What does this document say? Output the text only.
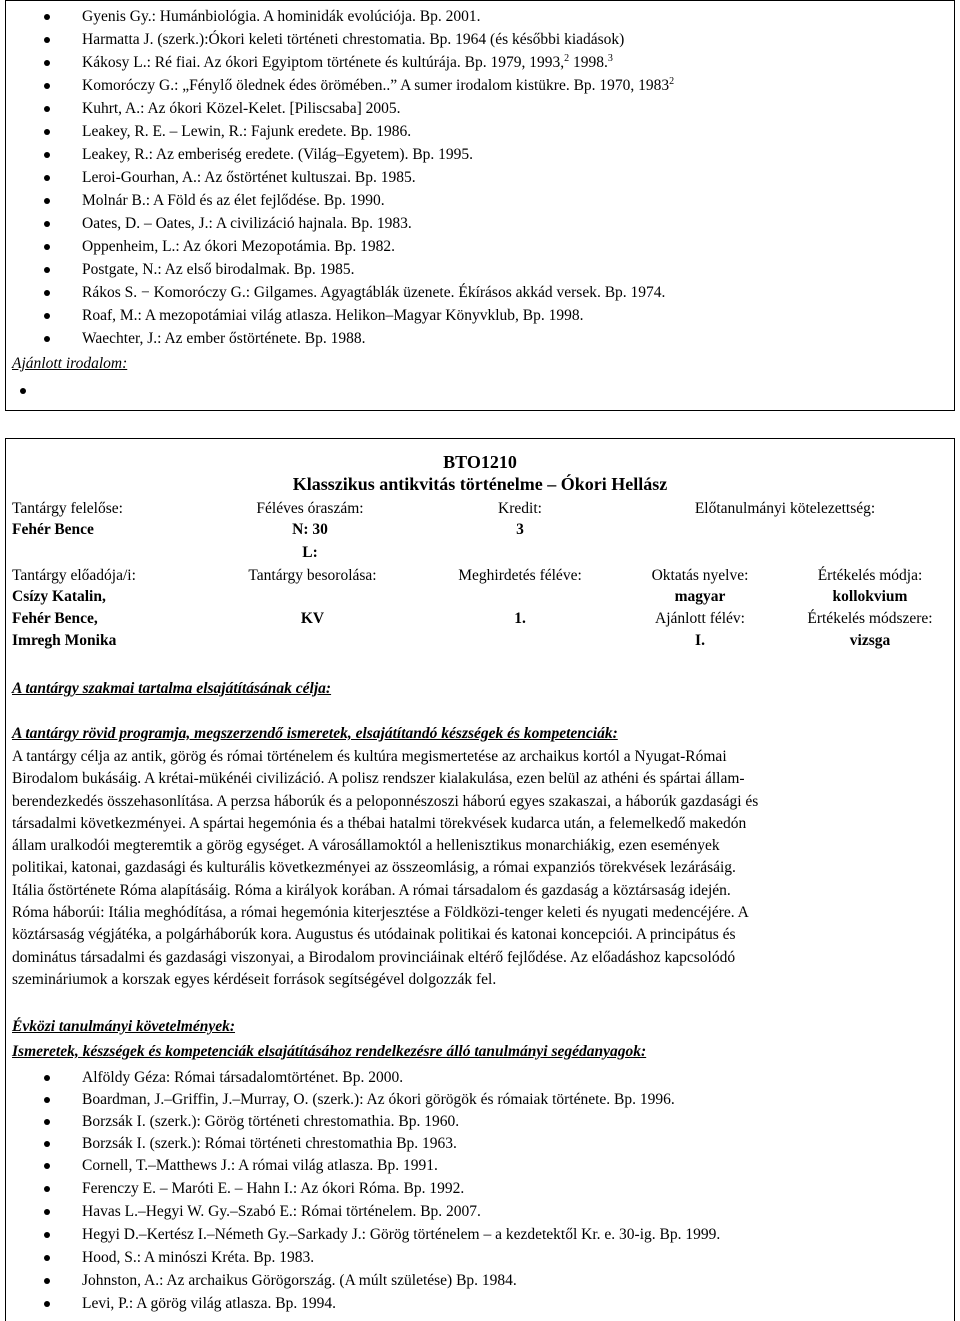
Gyenis Gy.: Humánbiológia. A hominidák evolúciója. Bp. 2001.
Harmatta J. (szerk.):Ókori keleti történeti chrestomatia. Bp. 1964 (és későbbi kiadások)
Kákosy L.: Ré fiai. Az ókori Egyiptom története és kultúrája. Bp. 1979, 1993,$^2$ 1998.$^3$
Komoróczy G.: „Fénylő ölednek édes örömében..” A sumer irodalom kistükre. Bp. 1970, 1983$^2$
Kuhrt, A.: Az ókori Közel-Kelet. [Piliscsaba] 2005.
Leakey, R. E. – Lewin, R.: Fajunk eredete. Bp. 1986.
Leakey, R.: Az emberiség eredete. (Világ–Egyetem). Bp. 1995.
Leroi-Gourhan, A.: Az őstörténet kultuszai. Bp. 1985.
Molnár B.: A Föld és az élet fejlődése. Bp. 1990.
Oates, D. – Oates, J.: A civilizáció hajnala. Bp. 1983.
Oppenheim, L.: Az ókori Mezopotámia. Bp. 1982.
Postgate, N.: Az első birodalmak. Bp. 1985.
Rákos S. − Komoróczy G.: Gilgames. Agyagtáblák üzenete. Ékírásos akkád versek. Bp. 1974.
Roaf, M.: A mezopotámiai világ atlasza. Helikon–Magyar Könyvklub, Bp. 1998.
Waechter, J.: Az ember őstörténete. Bp. 1988.
Ajánlott irodalom:
BTO1210
Klasszikus antikvitás történelme – Ókori Hellász
Tantárgy felelőse:
Fehér Bence
Féléves óraszám:
N: 30
L:
Kredit:
3
Előtanulmányi kötelezettség:
Tantárgy előadója/i:
Csízy Katalin,
Fehér Bence,
Imregh Monika
Tantárgy besorolása:
KV
Meghirdetés féléve:
1.
Oktatás nyelve:
magyar
Ajánlott félév:
I.
Értékelés módja:
kollokvium
Értékelés módszere:
vizsga
A tantárgy szakmai tartalma elsajátításának célja:
A tantárgy rövid programja, megszerzendő ismeretek, elsajátítandó készségek és kompetenciák:
A tantárgy célja az antik, görög és római történelem és kultúra megismertetése az archaikus kortól a Nyugat-Római
Birodalom bukásáig. A krétai-mükénéi civilizáció. A polisz rendszer kialakulása, ezen belül az athéni és spártai állam-
berendezkedés összehasonlítása. A perzsa háborúk és a peloponnészoszi háború egyes szakaszai, a háborúk gazdasági és
társadalmi következményei. A spártai hegemónia és a thébai hatalmi törekvések kudarca után, a felemelkedő makedón
állam uralkodói megteremtik a görög egységet. A városállamoktól a hellenisztikus monarchiákig, ezen események
politikai, katonai, gazdasági és kulturális következményei az összeomlásig, a római expanziós törekvések lezárásáig.
Itália őstörténete Róma alapításáig. Róma a királyok korában. A római társadalom és gazdaság a köztársaság idején.
Róma háborúi: Itália meghódítása, a római hegemónia kiterjesztése a Földközi-tenger keleti és nyugati medencéjére. A
köztársaság végjátéka, a polgárháborúk kora. Augustus és utódainak politikai és katonai koncepciói. A principátus és
dominátus társadalmi és gazdasági viszonyai, a Birodalom provinciáinak eltérő fejlődése. Az előadáshoz kapcsolódó
szemináriumok a korszak egyes kérdéseit források segítségével dolgozzák fel.
Évközi tanulmányi követelmények:
Ismeretek, készségek és kompetenciák elsajátításához rendelkezésre álló tanulmányi segédanyagok:
Alföldy Géza: Római társadalomtörténet. Bp. 2000.
Boardman, J.–Griffin, J.–Murray, O. (szerk.): Az ókori görögök és rómaiak története. Bp. 1996.
Borzsák I. (szerk.): Görög történeti chrestomathia. Bp. 1960.
Borzsák I. (szerk.): Római történeti chrestomathia Bp. 1963.
Cornell, T.–Matthews J.: A római világ atlasza. Bp. 1991.
Ferenczy E. – Maróti E. – Hahn I.: Az ókori Róma. Bp. 1992.
Havas L.–Hegyi W. Gy.–Szabó E.: Római történelem. Bp. 2007.
Hegyi D.–Kertész I.–Németh Gy.–Sarkady J.: Görög történelem – a kezdetektől Kr. e. 30-ig. Bp. 1999.
Hood, S.: A minószi Kréta. Bp. 1983.
Johnston, A.: Az archaikus Görögország. (A múlt születése) Bp. 1984.
Levi, P.: A görög világ atlasza. Bp. 1994.
